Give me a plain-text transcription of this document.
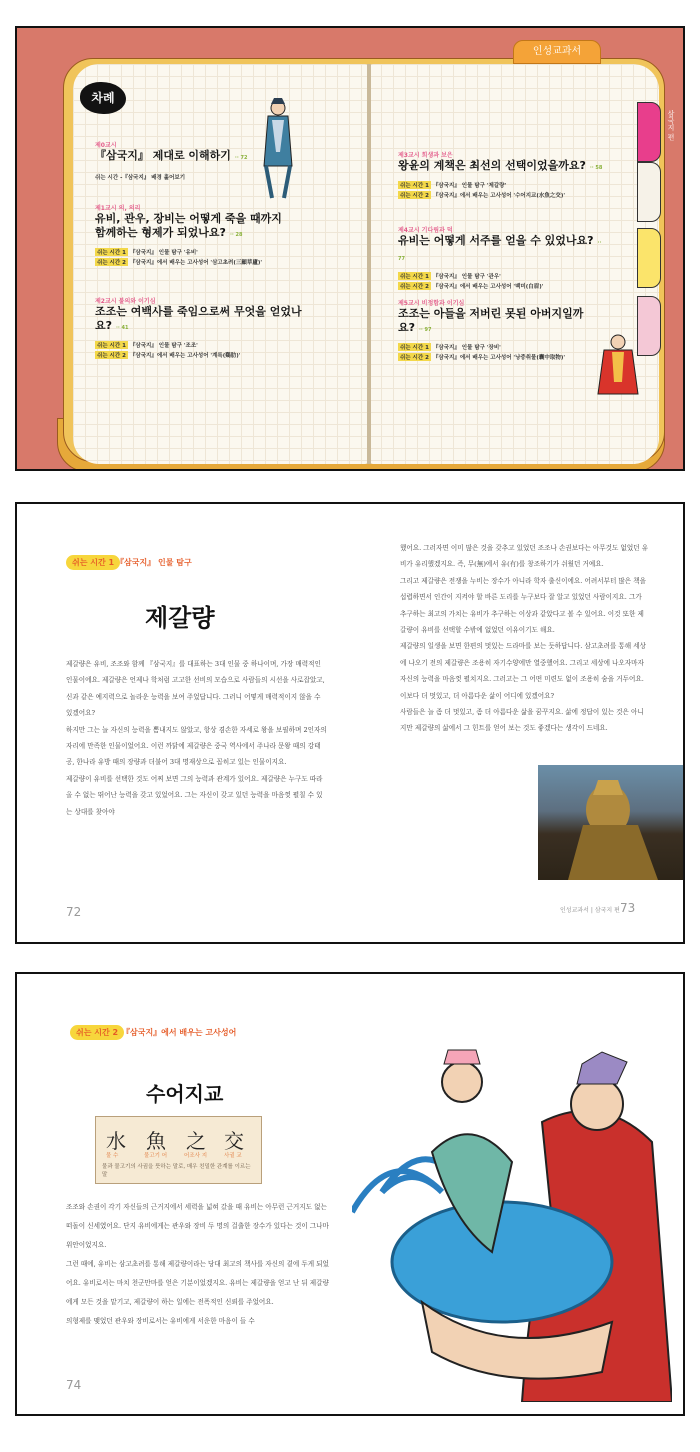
인성교과서
삼국지 편
차례
제0교시
『삼국지』 제대로 이해하기 ·· 72
쉬는 시간 -『삼국지』 배경 훑어보기
제1교시 의, 의리
유비, 관우, 장비는 어떻게 죽을 때까지 함께하는 형제가 되었나요? ·· 28
쉬는 시간 1 『삼국지』 인물 탐구 '유비'
쉬는 시간 2 『삼국지』에서 배우는 고사성어 '삼고초려(三顧草廬)'
제2교시 불의와 이기심
조조는 여백사를 죽임으로써 무엇을 얻었나요? ·· 41
쉬는 시간 1 『삼국지』 인물 탐구 '조조'
쉬는 시간 2 『삼국지』에서 배우는 고사성어 '계륵(鷄肋)'
제3교시 희생과 보은
왕윤의 계책은 최선의 선택이었을까요? ·· 58
쉬는 시간 1 『삼국지』 인물 탐구 '제갈량'
쉬는 시간 2 『삼국지』에서 배우는 고사성어 '수어지교(水魚之交)'
제4교시 기다림과 덕
유비는 어떻게 서주를 얻을 수 있었나요? ·· 77
쉬는 시간 1 『삼국지』 인물 탐구 '관우'
쉬는 시간 2 『삼국지』에서 배우는 고사성어 '백미(白眉)'
제5교시 비정함과 이기심
조조는 아들을 저버린 못된 아버지일까요? ·· 97
쉬는 시간 1 『삼국지』 인물 탐구 '장비'
쉬는 시간 2 『삼국지』에서 배우는 고사성어 '낭중취물(囊中取物)'
쉬는 시간 1 『삼국지』 인물 탐구
제갈량
제갈량은 유비, 조조와 함께 『삼국지』를 대표하는 3대 인물 중 하나이며, 가장 매력적인 인물이에요. 제갈량은 언제나 학처럼 고고한 선비의 모습으로 사람들의 시선을 사로잡았고, 신과 같은 예지력으로 놀라운 능력을 보여 주었답니다. 그러니 어떻게 매력적이지 않을 수 있겠어요?
하지만 그는 늘 자신의 능력을 뽐내지도 않았고, 항상 겸손한 자세로 왕을 보필하며 2인자의 자리에 만족한 인물이었어요. 이런 까닭에 제갈량은 중국 역사에서 주나라 문왕 때의 강태공, 한나라 유방 때의 장량과 더불어 3대 명재상으로 꼽히고 있는 인물이지요.
제갈량이 유비를 선택한 것도 어찌 보면 그의 능력과 관계가 있어요. 제갈량은 누구도 따라올 수 없는 뛰어난 능력을 갖고 있었어요. 그는 자신이 갖고 있던 능력을 마음껏 펼칠 수 있는 상대를 찾아야
했어요. 그러자면 이미 많은 것을 갖추고 있었던 조조나 손권보다는 아무것도 없었던 유비가 유리했겠지요. 즉, 무(無)에서 유(有)를 창조하기가 쉬웠던 거예요.
그리고 제갈량은 전쟁을 누비는 장수가 아니라 학자 출신이에요. 어려서부터 많은 책을 섭렵하면서 인간이 지켜야 할 바른 도리를 누구보다 잘 알고 있었던 사람이지요. 그가 추구하는 최고의 가치는 유비가 추구하는 이상과 같았다고 볼 수 있어요. 이것 또한 제갈량이 유비를 선택할 수밖에 없었던 이유이기도 해요.
제갈량의 일생을 보면 한편의 멋있는 드라마를 보는 듯하답니다. 삼고초려를 통해 세상에 나오기 전의 제갈량은 조용히 자기수양에만 열중했어요. 그리고 세상에 나오자마자 자신의 능력을 마음껏 펼치지요. 그러고는 그 어떤 미련도 없이 조용히 숨을 거두어요. 이보다 더 멋있고, 더 아름다운 삶이 어디에 있겠어요?
사람들은 늘 좀 더 멋있고, 좀 더 아름다운 삶을 꿈꾸지요. 삶에 정답이 있는 것은 아니지만 제갈량의 삶에서 그 힌트를 얻어 보는 것도 좋겠다는 생각이 드네요.
72	인성교과서 | 삼국지 편 73
쉬는 시간 2 『삼국지』에서 배우는 고사성어
수어지교
水 魚 之 交
물 수	물고기 어	어조사 지	사귈 교
물과 물고기의 사귐을 뜻하는 말로, 매우 친밀한 관계를 이르는 말
조조와 손권이 각기 자신들의 근거지에서 세력을 넓혀 갔을 때 유비는 아무런 근거지도 없는 떠돌이 신세였어요. 단지 유비에게는 관우와 장비 두 명의 걸출한 장수가 있다는 것이 그나마 위안이었지요.
그런 때에, 유비는 삼고초려를 통해 제갈량이라는 당대 최고의 책사를 자신의 곁에 두게 되었어요. 유비로서는 마치 천군만마를 얻은 기분이었겠지요. 유비는 제갈량을 얻고 난 뒤 제갈량에게 모든 것을 맡기고, 제갈량이 하는 일에는 전폭적인 신뢰를 주었어요.
의형제를 맺었던 관우와 장비로서는 유비에게 서운한 마음이 들 수
74
